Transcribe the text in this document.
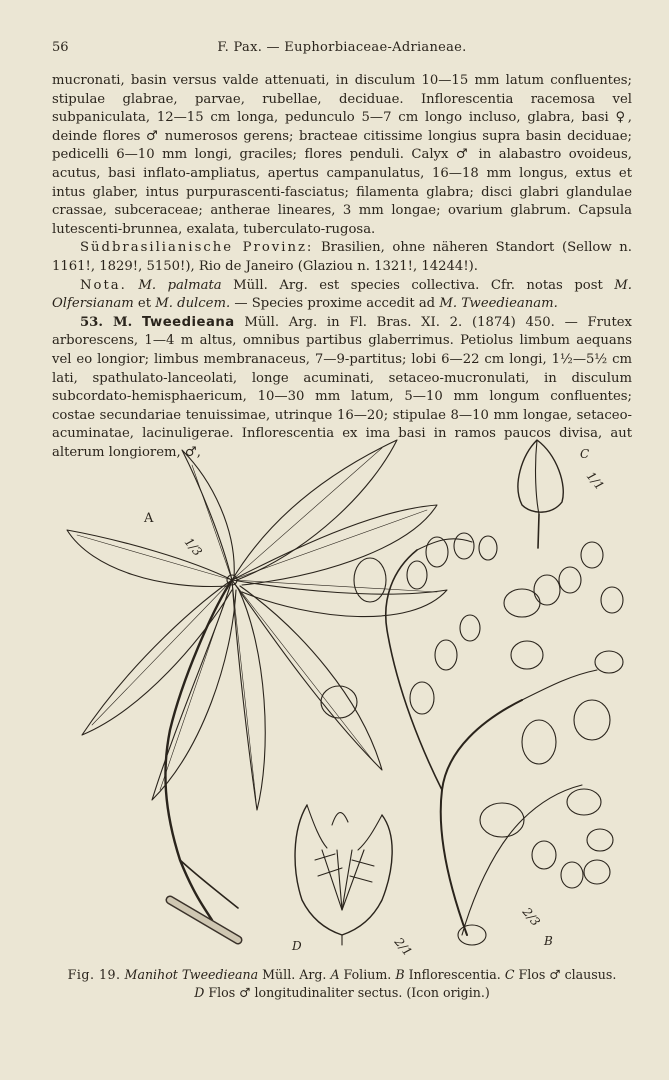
56	F. Pax. — Euphorbiaceae-Adrianeae.

mucronati, basin versus valde attenuati, in disculum 10—15 mm latum confluentes; stipulae glabrae, parvae, rubellae, deciduae. Inflorescentia racemosa vel subpaniculata, 12—15 cm longa, pedunculo 5—7 cm longo incluso, glabra, basi ♀, deinde flores ♂ numerosos gerens; bracteae citissime longius supra basin deciduae; pedicelli 6—10 mm longi, graciles; flores penduli. Calyx ♂ in alabastro ovoideus, acutus, basi inflato-ampliatus, apertus campanulatus, 16—18 mm longus, extus et intus glaber, intus purpurascenti-fasciatus; filamenta glabra; disci glabri glandulae crassae, subceraceae; antherae lineares, 3 mm longae; ovarium glabrum. Capsula lutescenti-brunnea, exalata, tuberculato-rugosa.

Südbrasilianische Provinz: Brasilien, ohne näheren Standort (Sellow n. 1161!, 1829!, 5150!), Rio de Janeiro (Glaziou n. 1321!, 14244!).

Nota. M. palmata Müll. Arg. est species collectiva. Cfr. notas post M. Olfersianam et M. dulcem. — Species proxime accedit ad M. Tweedieanam.

53. M. Tweedieana Müll. Arg. in Fl. Bras. XI. 2. (1874) 450. — Frutex arborescens, 1—4 m altus, omnibus partibus glaberrimus. Petiolus limbum aequans vel eo longior; limbus membranaceus, 7—9-partitus; lobi 6—22 cm longi, 1½—5½ cm lati, spathulato-lanceolati, longe acuminati, setaceo-mucronulati, in disculum subcordato-hemisphaericum, 10—30 mm latum, 5—10 mm longum confluentes; costae secundariae tenuissimae, utrinque 16—20; stipulae 8—10 mm longae, setaceo-acuminatae, lacinuligerae. Inflorescentia ex ima basi in ramos paucos divisa, aut alterum longiorem, ♂,

A
1/3
C
1/1
D	2/1
2/3
B
Fig. 19. Manihot Tweedieana Müll. Arg. A Folium. B Inflorescentia. C Flos ♂ clausus.
D Flos ♂ longitudinaliter sectus. (Icon origin.)
